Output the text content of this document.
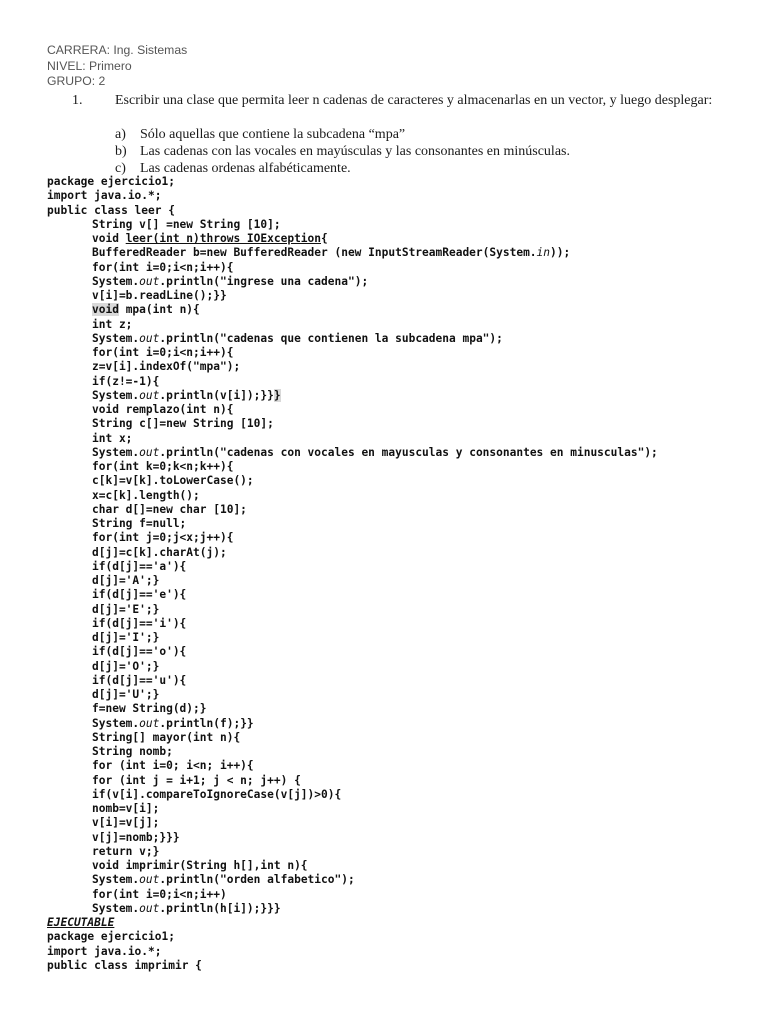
CARRERA: Ing. Sistemas
NIVEL: Primero
GRUPO: 2
1. Escribir una clase que permita leer n cadenas de caracteres y almacenarlas en un vector, y luego desplegar:
a) Sólo aquellas que contiene la subcadena “mpa”
b) Las cadenas con las vocales en mayúsculas y las consonantes en minúsculas.
c) Las cadenas ordenas alfabéticamente.
package ejercicio1;
import java.io.*;
public class leer {
String v[] =new String [10];
void leer(int n)throws IOException{
BufferedReader b=new BufferedReader (new InputStreamReader(System.in));
for(int i=0;i<n;i++){
System.out.println("ingrese una cadena");
v[i]=b.readLine();}}
void mpa(int n){
int z;
System.out.println("cadenas que contienen la subcadena mpa");
for(int i=0;i<n;i++){
z=v[i].indexOf("mpa");
if(z!=-1){
System.out.println(v[i]);}}}
void remplazo(int n){
String c[]=new String [10];
int x;
System.out.println("cadenas con vocales en mayusculas y consonantes en minusculas");
for(int k=0;k<n;k++){
c[k]=v[k].toLowerCase();
x=c[k].length();
char d[]=new char [10];
String f=null;
for(int j=0;j<x;j++){
d[j]=c[k].charAt(j);
if(d[j]=='a'){
d[j]='A';}
if(d[j]=='e'){
d[j]='E';}
if(d[j]=='i'){
d[j]='I';}
if(d[j]=='o'){
d[j]='O';}
if(d[j]=='u'){
d[j]='U';}
f=new String(d);}
System.out.println(f);}}
String[] mayor(int n){
String nomb;
for (int i=0; i<n; i++){
for (int j = i+1; j < n; j++) {
if(v[i].compareToIgnoreCase(v[j])>0){
nomb=v[i];
v[i]=v[j];
v[j]=nomb;}}}
return v;}
void imprimir(String h[],int n){
System.out.println("orden alfabetico");
for(int i=0;i<n;i++)
System.out.println(h[i]);}}}
EJECUTABLE
package ejercicio1;
import java.io.*;
public class imprimir {
